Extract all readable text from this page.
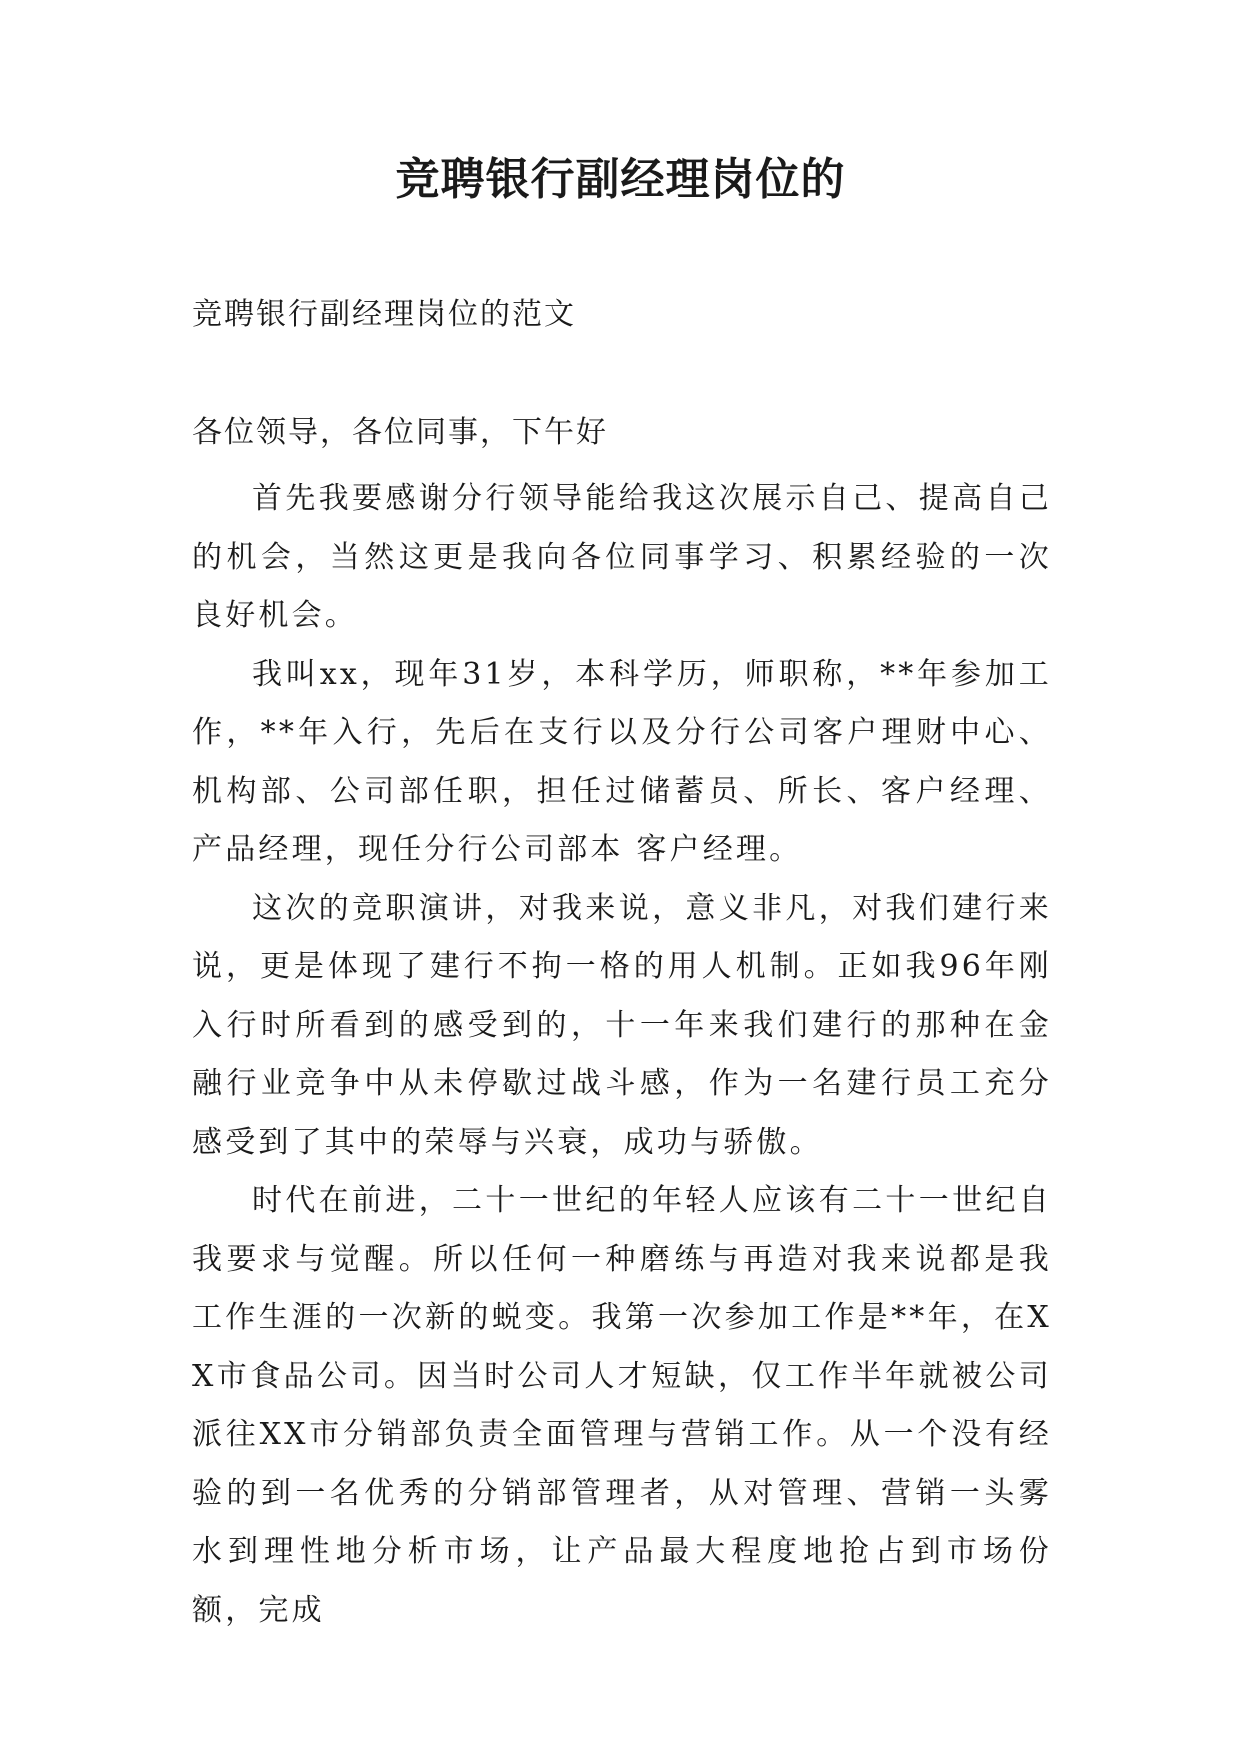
竞聘银行副经理岗位的
竞聘银行副经理岗位的范文
各位领导，各位同事，下午好

首先我要感谢分行领导能给我这次展示自己、提高自己的机会，当然这更是我向各位同事学习、积累经验的一次良好机会。

我叫xx，现年31岁，本科学历，师职称，**年参加工作，**年入行，先后在支行以及分行公司客户理财中心、机构部、公司部任职，担任过储蓄员、所长、客户经理、产品经理，现任分行公司部本 客户经理。

这次的竞职演讲，对我来说，意义非凡，对我们建行来说，更是体现了建行不拘一格的用人机制。正如我96年刚入行时所看到的感受到的，十一年来我们建行的那种在金融行业竞争中从未停歇过战斗感，作为一名建行员工充分感受到了其中的荣辱与兴衰，成功与骄傲。

时代在前进，二十一世纪的年轻人应该有二十一世纪自我要求与觉醒。所以任何一种磨练与再造对我来说都是我工作生涯的一次新的蜕变。我第一次参加工作是**年，在XX市食品公司。因当时公司人才短缺，仅工作半年就被公司派往XX市分销部负责全面管理与营销工作。从一个没有经验的到一名优秀的分销部管理者，从对管理、营销一头雾水到理性地分析市场，让产品最大程度地抢占到市场份额，完成
